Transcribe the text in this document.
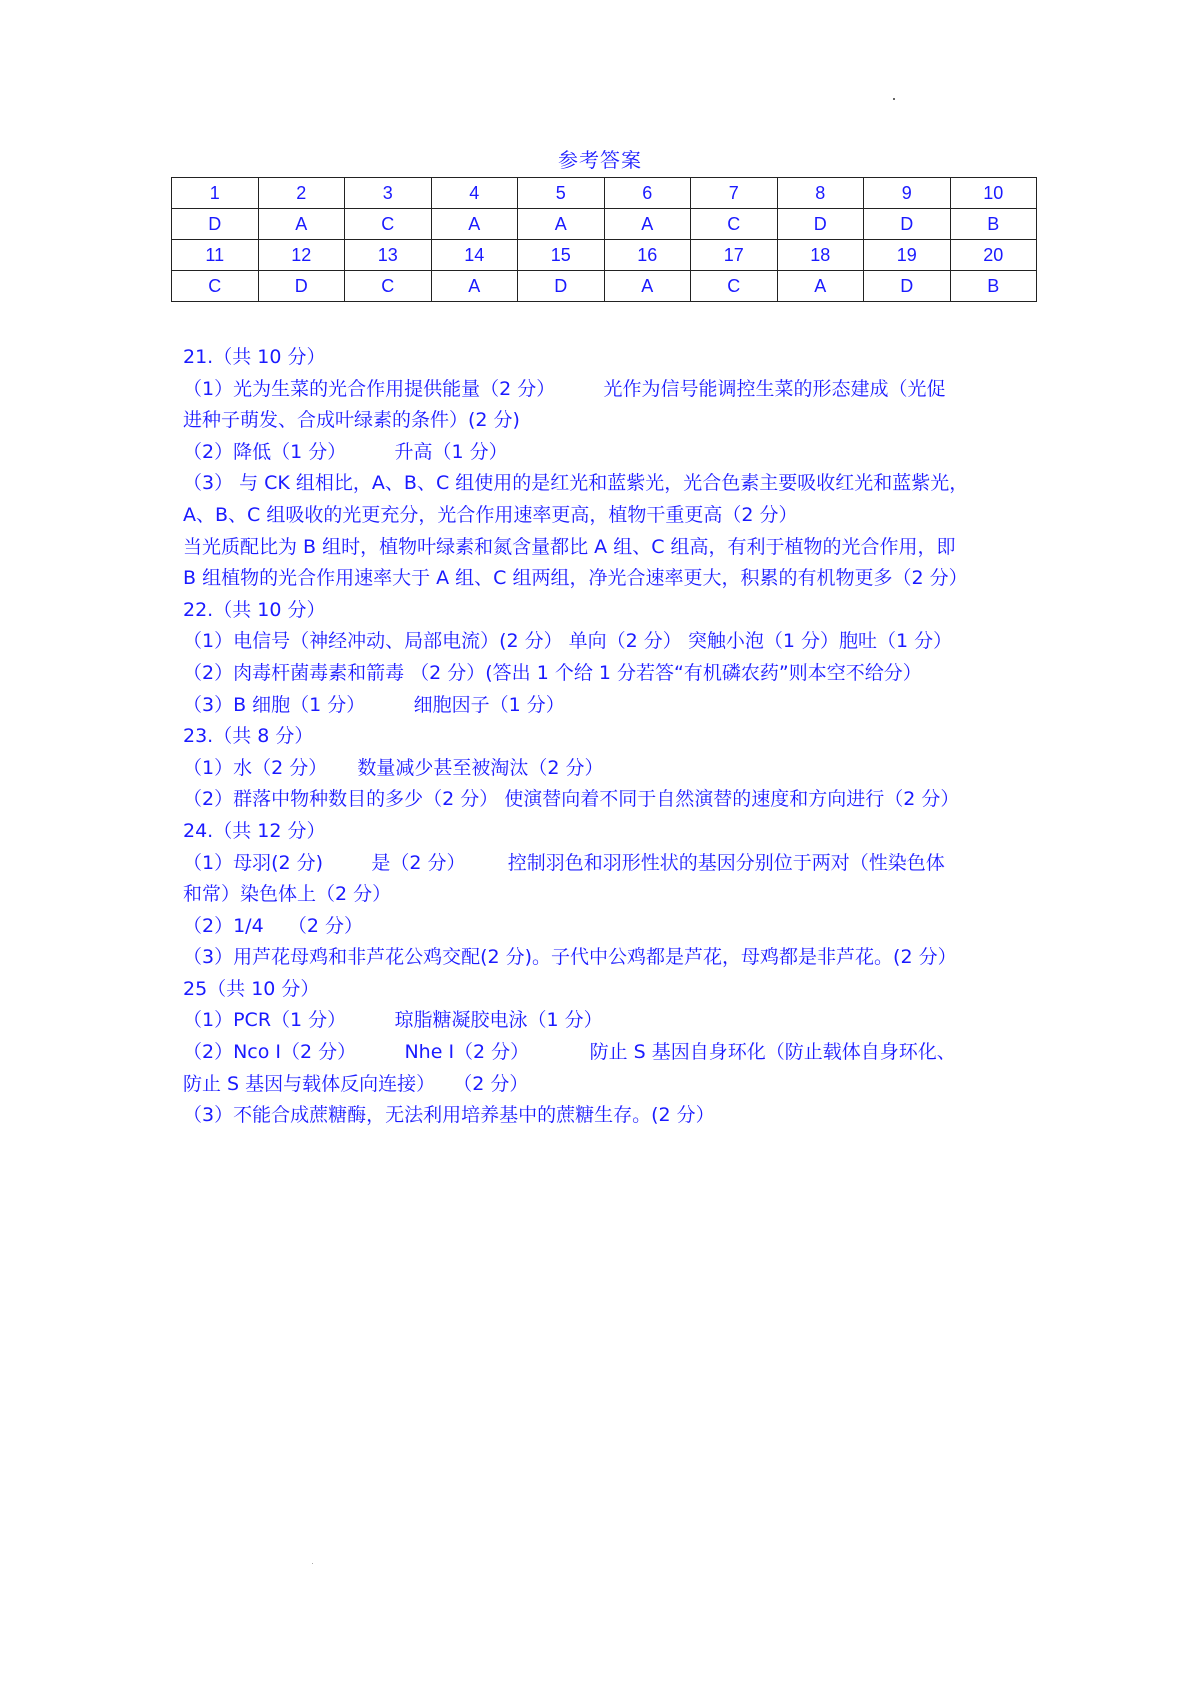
参考答案
1	2	3	4	5	6	7	8	9	10
D	A	C	A	A	A	C	D	D	B
11	12	13	14	15	16	17	18	19	20
C	D	C	A	D	A	C	A	D	B

21.（共 10 分）

（1）光为生菜的光合作用提供能量（2 分）        光作为信号能调控生菜的形态建成（光促

进种子萌发、合成叶绿素的条件）(2 分)

（2）降低（1 分）        升高（1 分）

（3） 与 CK 组相比，A、B、C 组使用的是红光和蓝紫光，光合色素主要吸收红光和蓝紫光，

A、B、C 组吸收的光更充分，光合作用速率更高，植物干重更高（2 分）

当光质配比为 B 组时，植物叶绿素和氮含量都比 A 组、C 组高，有利于植物的光合作用，即

B 组植物的光合作用速率大于 A 组、C 组两组，净光合速率更大，积累的有机物更多（2 分）

22.（共 10 分）

（1）电信号（神经冲动、局部电流）(2 分） 单向（2 分） 突触小泡（1 分）胞吐（1 分）

（2）肉毒杆菌毒素和箭毒 （2 分）(答出 1 个给 1 分若答“有机磷农药”则本空不给分）

（3）B 细胞（1 分）        细胞因子（1 分）

23.（共 8 分）

（1）水（2 分）     数量减少甚至被淘汰（2 分）

（2）群落中物种数目的多少（2 分） 使演替向着不同于自然演替的速度和方向进行（2 分）

24.（共 12 分）

（1）母羽(2 分)        是（2 分）       控制羽色和羽形性状的基因分别位于两对（性染色体

和常）染色体上（2 分）

（2）1/4    （2 分）

（3）用芦花母鸡和非芦花公鸡交配(2 分)。子代中公鸡都是芦花，母鸡都是非芦花。(2 分）

25（共 10 分）

（1）PCR（1 分）        琼脂糖凝胶电泳（1 分）

（2）Nco Ⅰ（2 分）        Nhe Ⅰ（2 分）          防止 S 基因自身环化（防止载体自身环化、

防止 S 基因与载体反向连接）   （2 分）

（3）不能合成蔗糖酶，无法利用培养基中的蔗糖生存。(2 分）
